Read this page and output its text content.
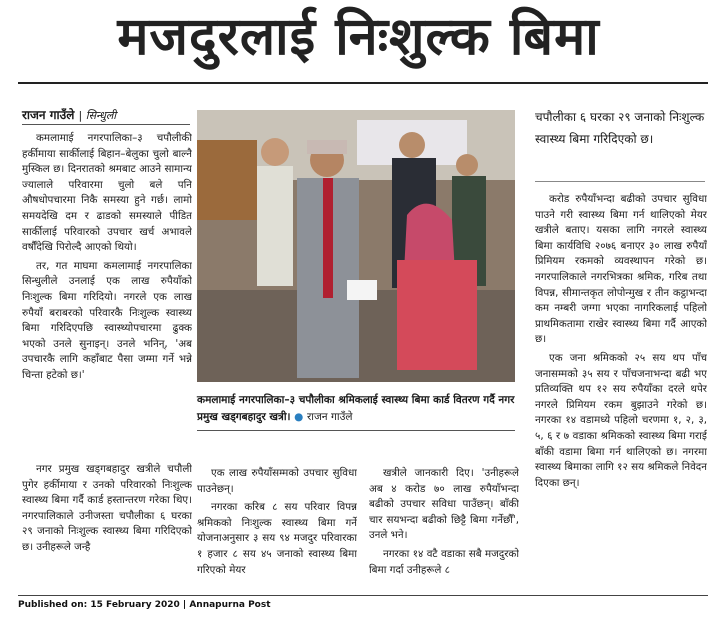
मजदुरलाई निःशुल्क बिमा
राजन गाउँले | सिन्धुली

कमलामाई नगरपालिका–३ चपौलीकी हर्कीमाया सार्कीलाई बिहान–बेलुका चुलो बाल्नै मुस्किल छ। दिनरातको श्रमबाट आउने सामान्य ज्यालाले परिवारमा चुलो बले पनि औषधोपचारमा निकै समस्या हुने गर्छ। लामो समयदेखि दम र ढाडको समस्याले पीडित सार्कीलाई परिवारको उपचार खर्च अभावले वर्षौँदेखि पिरोल्दै आएको थियो।

तर, गत माघमा कमलामाई नगरपालिका सिन्धुलीले उनलाई एक लाख रुपैयाँको निःशुल्क बिमा गरिदियो। नगरले एक लाख रुपैयाँ बराबरको परिवारकै निःशुल्क स्वास्थ्य बिमा गरिदिएपछि स्वास्थ्योपचारमा ढुक्क भएको उनले सुनाइन्। उनले भनिन्, 'अब उपचारकै लागि कहाँबाट पैसा जम्मा गर्ने भन्ने चिन्ता हटेको छ।'

कमलामाई नगरपालिका–३ चपौलीका श्रमिकलाई स्वास्थ्य बिमा कार्ड वितरण गर्दै नगर प्रमुख खड्गबहादुर खत्री। ● राजन गाउँले

नगर प्रमुख खड्गबहादुर खत्रीले चपौली पुगेर हर्कीमाया र उनको परिवारको निःशुल्क स्वास्थ्य बिमा गर्दै कार्ड हस्तान्तरण गरेका थिए। नगरपालिकाले उनीजस्ता चपौलीका ६ घरका २९ जनाको निःशुल्क स्वास्थ्य बिमा गरिदिएको छ। उनीहरूले जन्है

एक लाख रुपैयाँसम्मको उपचार सुविधा पाउनेछन्।

नगरका करिब ८ सय परिवार विपन्न श्रमिकको निःशुल्क स्वास्थ्य बिमा गर्ने योजनाअनुसार ३ सय ९४ मजदुर परिवारका १ हजार ८ सय ४५ जनाको स्वास्थ्य बिमा गरिएको मेयर

खत्रीले जानकारी दिए। 'उनीहरूले अब ४ करोड ७० लाख रुपैयाँभन्दा बढीको उपचार सविधा पाउँछन्। बाँकी चार सयभन्दा बढीको छिट्टै बिमा गर्नेछौँ', उनले भने।

नगरका १४ वटै वडाका सबै मजदुरको बिमा गर्दा उनीहरूले ८

चपौलीका ६ घरका २९ जनाको निःशुल्क स्वास्थ्य बिमा गरिदिएको छ।

करोड रुपैयाँभन्दा बढीको उपचार सुविधा पाउने गरी स्वास्थ्य बिमा गर्न थालिएको मेयर खत्रीले बताए। यसका लागि नगरले स्वास्थ्य बिमा कार्यविधि २०७६ बनाएर ३० लाख रुपैयाँ प्रिमियम रकमको व्यवस्थापन गरेको छ। नगरपालिकाले नगरभित्रका श्रमिक, गरिब तथा विपन्न, सीमान्तकृत लोपोन्मुख र तीन कट्ठाभन्दा कम नम्बरी जग्गा भएका नागरिकलाई पहिलो प्राथमिकतामा राखेर स्वास्थ्य बिमा गर्दै आएको छ।

एक जना श्रमिकको २५ सय थप पाँच जनासम्मको ३५ सय र पाँचजनाभन्दा बढी भए प्रतिव्यक्ति थप १२ सय रुपैयाँका दरले थपेर नगरले प्रिमियम रकम बुझाउने गरेको छ। नगरका १४ वडामध्ये पहिलो चरणमा १, २, ३, ५, ६ र ७ वडाका श्रमिकको स्वास्थ्य बिमा गराई बाँकी वडामा बिमा गर्न थालिएको छ। नगरमा स्वास्थ्य बिमाका लागि १२ सय श्रमिकले निवेदन दिएका छन्।

Published on: 15 February 2020 | Annapurna Post
